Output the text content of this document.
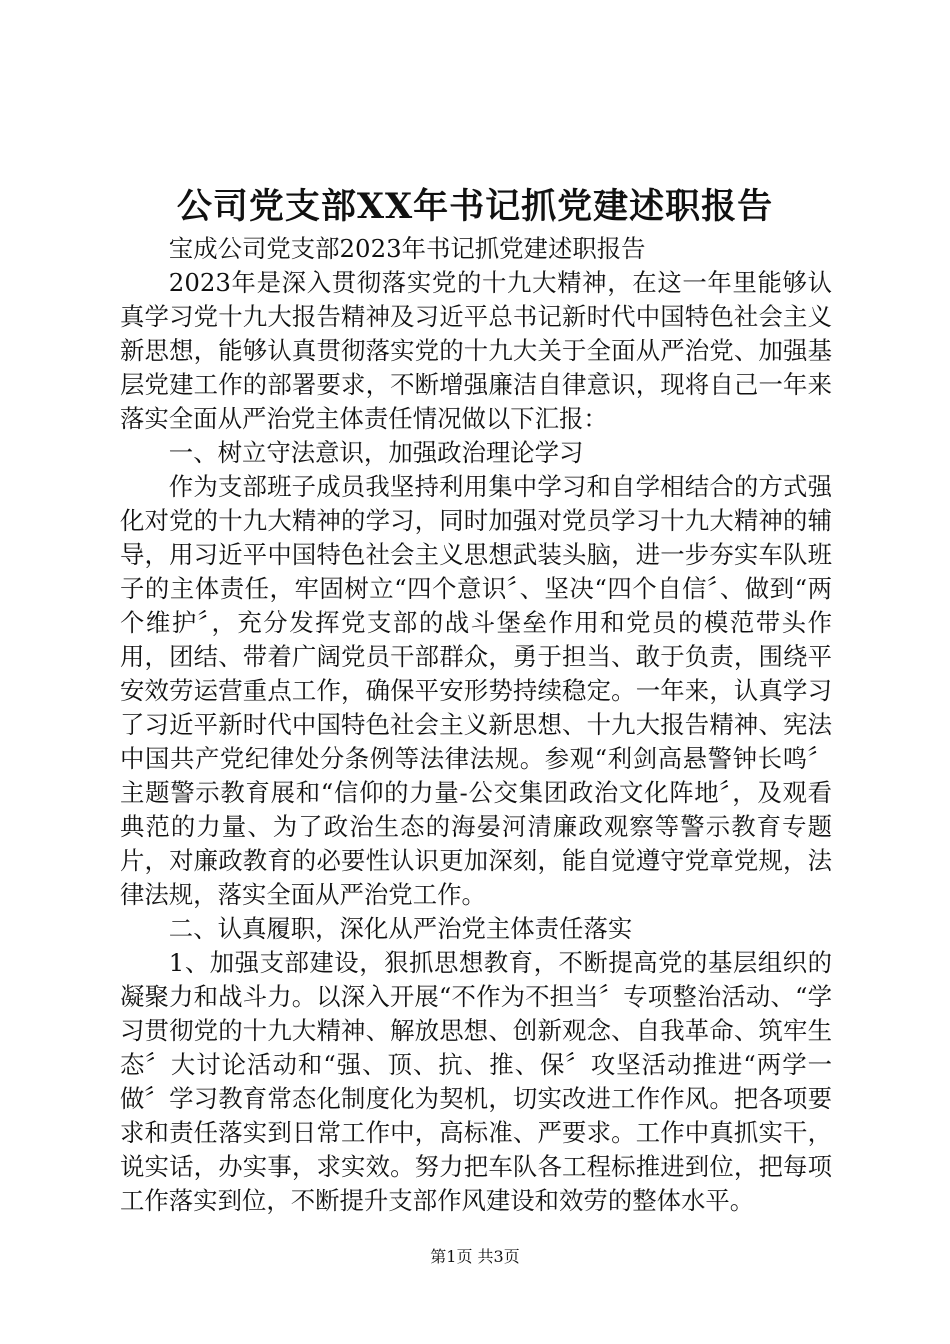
公司党支部XX年书记抓党建述职报告

宝成公司党支部2023年书记抓党建述职报告

2023年是深入贯彻落实党的十九大精神，在这一年里能够认真学习党十九大报告精神及习近平总书记新时代中国特色社会主义新思想，能够认真贯彻落实党的十九大关于全面从严治党、加强基层党建工作的部署要求，不断增强廉洁自律意识，现将自己一年来落实全面从严治党主体责任情况做以下汇报：

一、树立守法意识，加强政治理论学习

作为支部班子成员我坚持利用集中学习和自学相结合的方式强化对党的十九大精神的学习，同时加强对党员学习十九大精神的辅导，用习近平中国特色社会主义思想武装头脑，进一步夯实车队班子的主体责任，牢固树立“四个意识〞、坚决“四个自信〞、做到“两个维护〞，充分发挥党支部的战斗堡垒作用和党员的模范带头作用，团结、带着广阔党员干部群众，勇于担当、敢于负责，围绕平安效劳运营重点工作，确保平安形势持续稳定。一年来，认真学习了习近平新时代中国特色社会主义新思想、十九大报告精神、宪法中国共产党纪律处分条例等法律法规。参观“利剑高悬警钟长鸣〞主题警示教育展和“信仰的力量-公交集团政治文化阵地〞，及观看典范的力量、为了政治生态的海晏河清廉政观察等警示教育专题片，对廉政教育的必要性认识更加深刻，能自觉遵守党章党规，法律法规，落实全面从严治党工作。

二、认真履职，深化从严治党主体责任落实

1、加强支部建设，狠抓思想教育，不断提高党的基层组织的凝聚力和战斗力。以深入开展“不作为不担当〞专项整治活动、“学习贯彻党的十九大精神、解放思想、创新观念、自我革命、筑牢生态〞大讨论活动和“强、顶、抗、推、保〞攻坚活动推进“两学一做〞学习教育常态化制度化为契机，切实改进工作作风。把各项要求和责任落实到日常工作中，高标准、严要求。工作中真抓实干，说实话，办实事，求实效。努力把车队各工程标推进到位，把每项工作落实到位，不断提升支部作风建设和效劳的整体水平。

第1页 共3页
